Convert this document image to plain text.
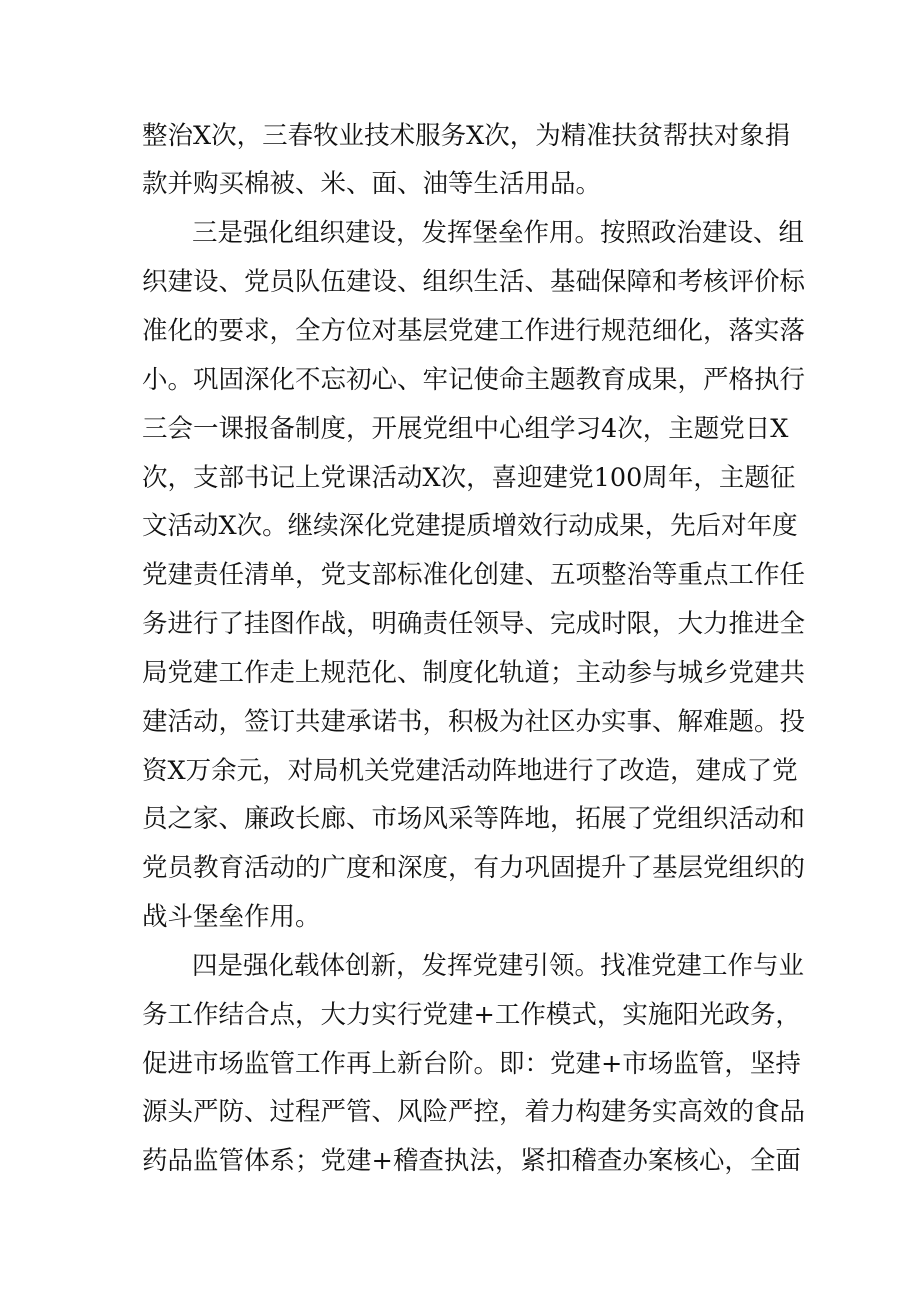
整治X次，三春牧业技术服务X次，为精准扶贫帮扶对象捐

款并购买棉被、米、面、油等生活用品。

三是强化组织建设，发挥堡垒作用。按照政治建设、组

织建设、党员队伍建设、组织生活、基础保障和考核评价标

准化的要求，全方位对基层党建工作进行规范细化，落实落

小。巩固深化不忘初心、牢记使命主题教育成果，严格执行

三会一课报备制度，开展党组中心组学习4次，主题党日X

次，支部书记上党课活动X次，喜迎建党100周年，主题征

文活动X次。继续深化党建提质增效行动成果，先后对年度

党建责任清单，党支部标准化创建、五项整治等重点工作任

务进行了挂图作战，明确责任领导、完成时限，大力推进全

局党建工作走上规范化、制度化轨道；主动参与城乡党建共

建活动，签订共建承诺书，积极为社区办实事、解难题。投

资X万余元，对局机关党建活动阵地进行了改造，建成了党

员之家、廉政长廊、市场风采等阵地，拓展了党组织活动和

党员教育活动的广度和深度，有力巩固提升了基层党组织的

战斗堡垒作用。

四是强化载体创新，发挥党建引领。找准党建工作与业

务工作结合点，大力实行党建+工作模式，实施阳光政务，

促进市场监管工作再上新台阶。即：党建+市场监管，坚持

源头严防、过程严管、风险严控，着力构建务实高效的食品

药品监管体系；党建+稽查执法，紧扣稽查办案核心，全面
